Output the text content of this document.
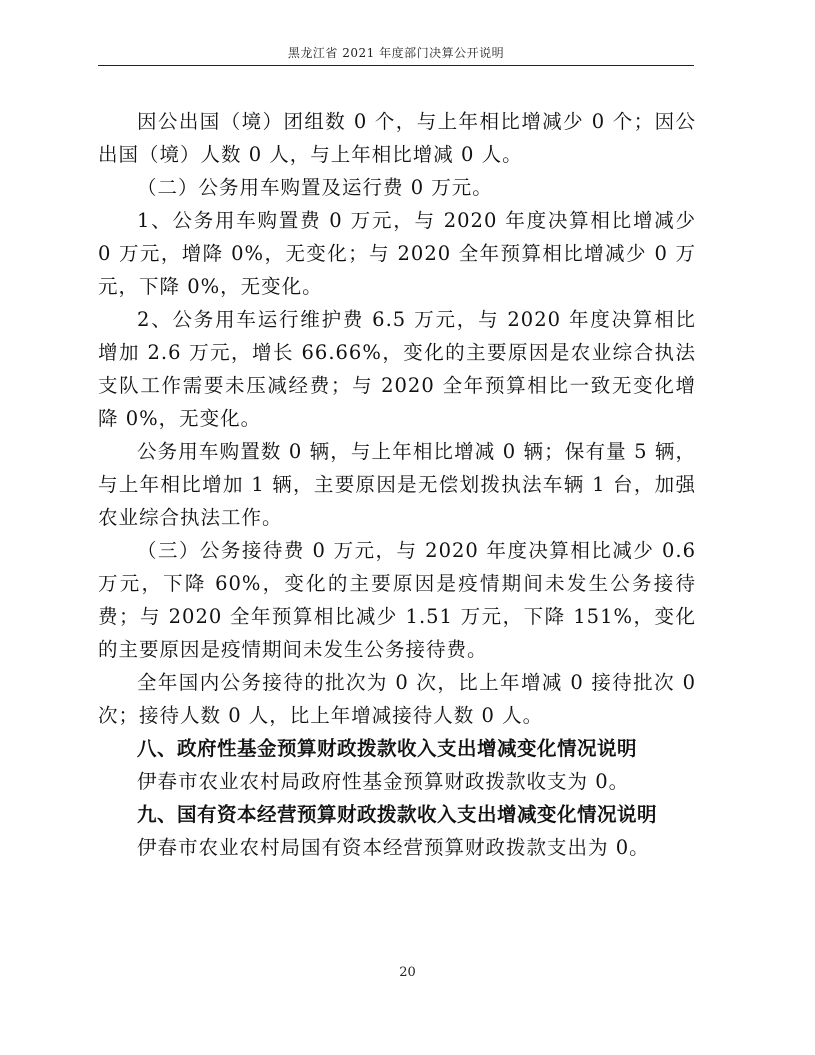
黑龙江省 2021 年度部门决算公开说明

因公出国（境）团组数 0 个，与上年相比增减少 0 个；因公出国（境）人数 0 人，与上年相比增减 0 人。

（二）公务用车购置及运行费 0 万元。

1、公务用车购置费 0 万元，与 2020 年度决算相比增减少 0 万元，增降 0%，无变化；与 2020 全年预算相比增减少 0 万元，下降 0%，无变化。

2、公务用车运行维护费 6.5 万元，与 2020 年度决算相比增加 2.6 万元，增长 66.66%，变化的主要原因是农业综合执法支队工作需要未压减经费；与 2020 全年预算相比一致无变化增降 0%，无变化。

公务用车购置数 0 辆，与上年相比增减 0 辆；保有量 5 辆，与上年相比增加 1 辆，主要原因是无偿划拨执法车辆 1 台，加强农业综合执法工作。

（三）公务接待费 0 万元，与 2020 年度决算相比减少 0.6 万元，下降 60%，变化的主要原因是疫情期间未发生公务接待费；与 2020 全年预算相比减少 1.51 万元，下降 151%，变化的主要原因是疫情期间未发生公务接待费。

全年国内公务接待的批次为 0 次，比上年增减 0 接待批次 0 次；接待人数 0 人，比上年增减接待人数 0 人。

八、政府性基金预算财政拨款收入支出增减变化情况说明

伊春市农业农村局政府性基金预算财政拨款收支为 0。

九、国有资本经营预算财政拨款收入支出增减变化情况说明

伊春市农业农村局国有资本经营预算财政拨款支出为 0。

20
